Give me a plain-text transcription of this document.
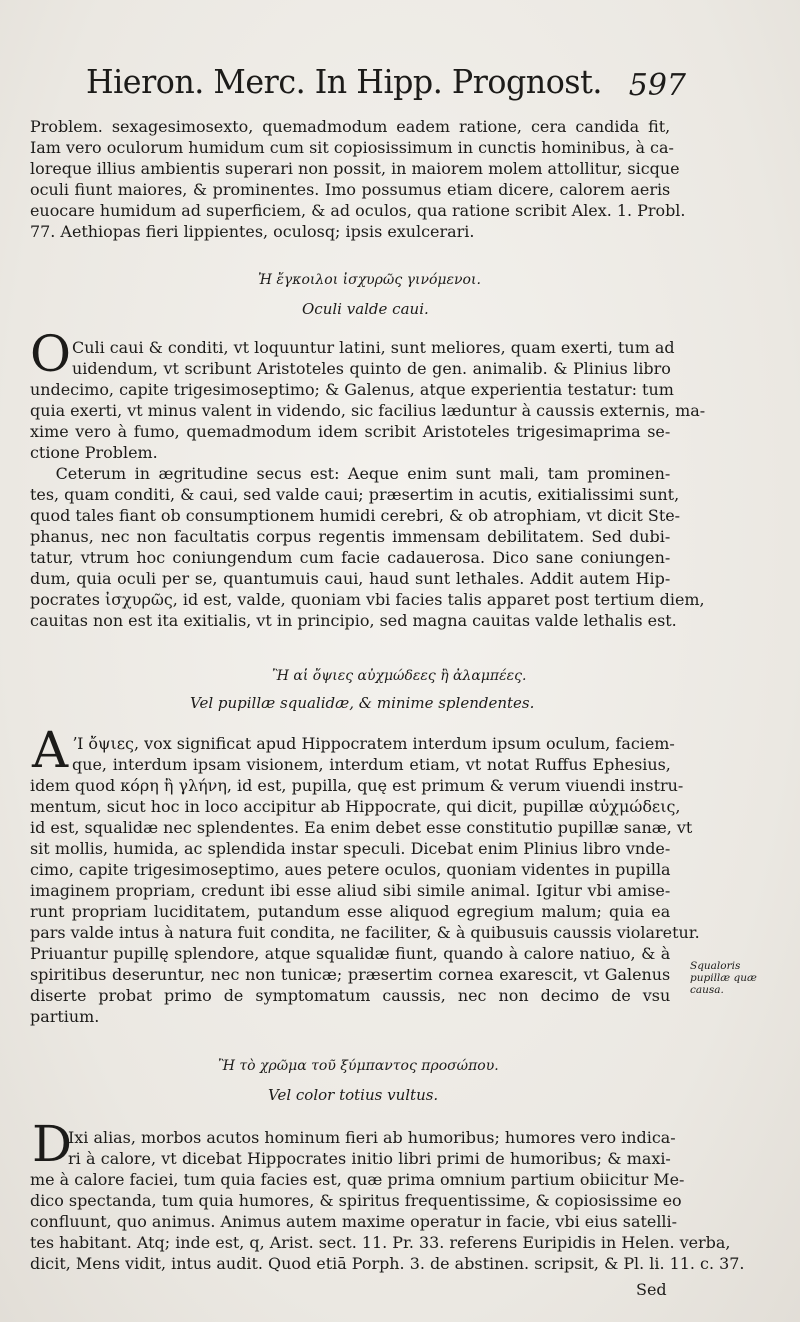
Hieron. Merc. In Hipp. Prognost. 597
Problem. sexagesimosexto, quemadmodum eadem ratione, cera candida fit,
Iam vero oculorum humidum cum sit copiosissimum in cunctis hominibus, à ca-
loreque illius ambientis superari non possit, in maiorem molem attollitur, sicque
oculi fiunt maiores, & prominentes. Imo possumus etiam dicere, calorem aeris
euocare humidum ad superficiem, & ad oculos, qua ratione scribit Alex. 1. Probl.
77. Aethiopas fieri lippientes, oculosq; ipsis exulcerari.
Ἠ ἔγκοιλοι ἰσχυρῶς γινόμενοι.
Oculi valde caui.
O Culi caui & conditi, vt loquuntur latini, sunt meliores, quam exerti, tum ad
uidendum, vt scribunt Aristoteles quinto de gen. animalib. & Plinius libro
undecimo, capite trigesimoseptimo; & Galenus, atque experientia testatur: tum
quia exerti, vt minus valent in videndo, sic facilius læduntur à caussis externis, ma-
xime vero à fumo, quemadmodum idem scribit Aristoteles trigesimaprima se-
ctione Problem.
Ceterum in ægritudine secus est: Aeque enim sunt mali, tam prominen-
tes, quam conditi, & caui, sed valde caui; præsertim in acutis, exitialissimi sunt,
quod tales fiant ob consumptionem humidi cerebri, & ob atrophiam, vt dicit Ste-
phanus, nec non facultatis corpus regentis immensam debilitatem. Sed dubi-
tatur, vtrum hoc coniungendum cum facie cadauerosa. Dico sane coniungen-
dum, quia oculi per se, quantumuis caui, haud sunt lethales. Addit autem Hip-
pocrates ἰσχυρῶς, id est, valde, quoniam vbi facies talis apparet post tertium diem,
cauitas non est ita exitialis, vt in principio, sed magna cauitas valde lethalis est.
Ἢ αἱ ὄψιες αὐχμώδεες ἢ ἀλαμπέες.
Vel pupillæ squalidæ, & minime splendentes.
A ʼΙ ὄψιες, vox significat apud Hippocratem interdum ipsum oculum, faciem-
que, interdum ipsam visionem, interdum etiam, vt notat Ruffus Ephesius,
idem quod κόρη ἢ γλήνη, id est, pupilla, quę est primum & verum viuendi instru-
mentum, sicut hoc in loco accipitur ab Hippocrate, qui dicit, pupillæ αὐχμώδεις,
id est, squalidæ nec splendentes. Ea enim debet esse constitutio pupillæ sanæ, vt
sit mollis, humida, ac splendida instar speculi. Dicebat enim Plinius libro vnde-
cimo, capite trigesimoseptimo, aues petere oculos, quoniam videntes in pupilla
imaginem propriam, credunt ibi esse aliud sibi simile animal. Igitur vbi amise-
runt propriam luciditatem, putandum esse aliquod egregium malum; quia ea
pars valde intus à natura fuit condita, ne faciliter, & à quibusuis caussis violaretur.
Priuantur pupillę splendore, atque squalidæ fiunt, quando à calore natiuo, & à
spiritibus deseruntur, nec non tunicæ; præsertim cornea exarescit, vt Galenus
diserte probat primo de symptomatum caussis, nec non decimo de vsu
partium.
Squaloris
pupillæ quæ
causa.
Ἢ τὸ χρῶμα τοῦ ξύμπαντος προσώπου.
Vel color totius vultus.
D
Ixi alias, morbos acutos hominum fieri ab humoribus; humores vero indica-
ri à calore, vt dicebat Hippocrates initio libri primi de humoribus; & maxi-
me à calore faciei, tum quia facies est, quæ prima omnium partium obiicitur Me-
dico spectanda, tum quia humores, & spiritus frequentissime, & copiosissime eo
confluunt, quo animus. Animus autem maxime operatur in facie, vbi eius satelli-
tes habitant. Atq; inde est, q, Arist. sect. 11. Pr. 33. referens Euripidis in Helen. verba,
dicit, Mens vidit, intus audit. Quod etiā Porph. 3. de abstinen. scripsit, & Pl. li. 11. c. 37.
Sed
